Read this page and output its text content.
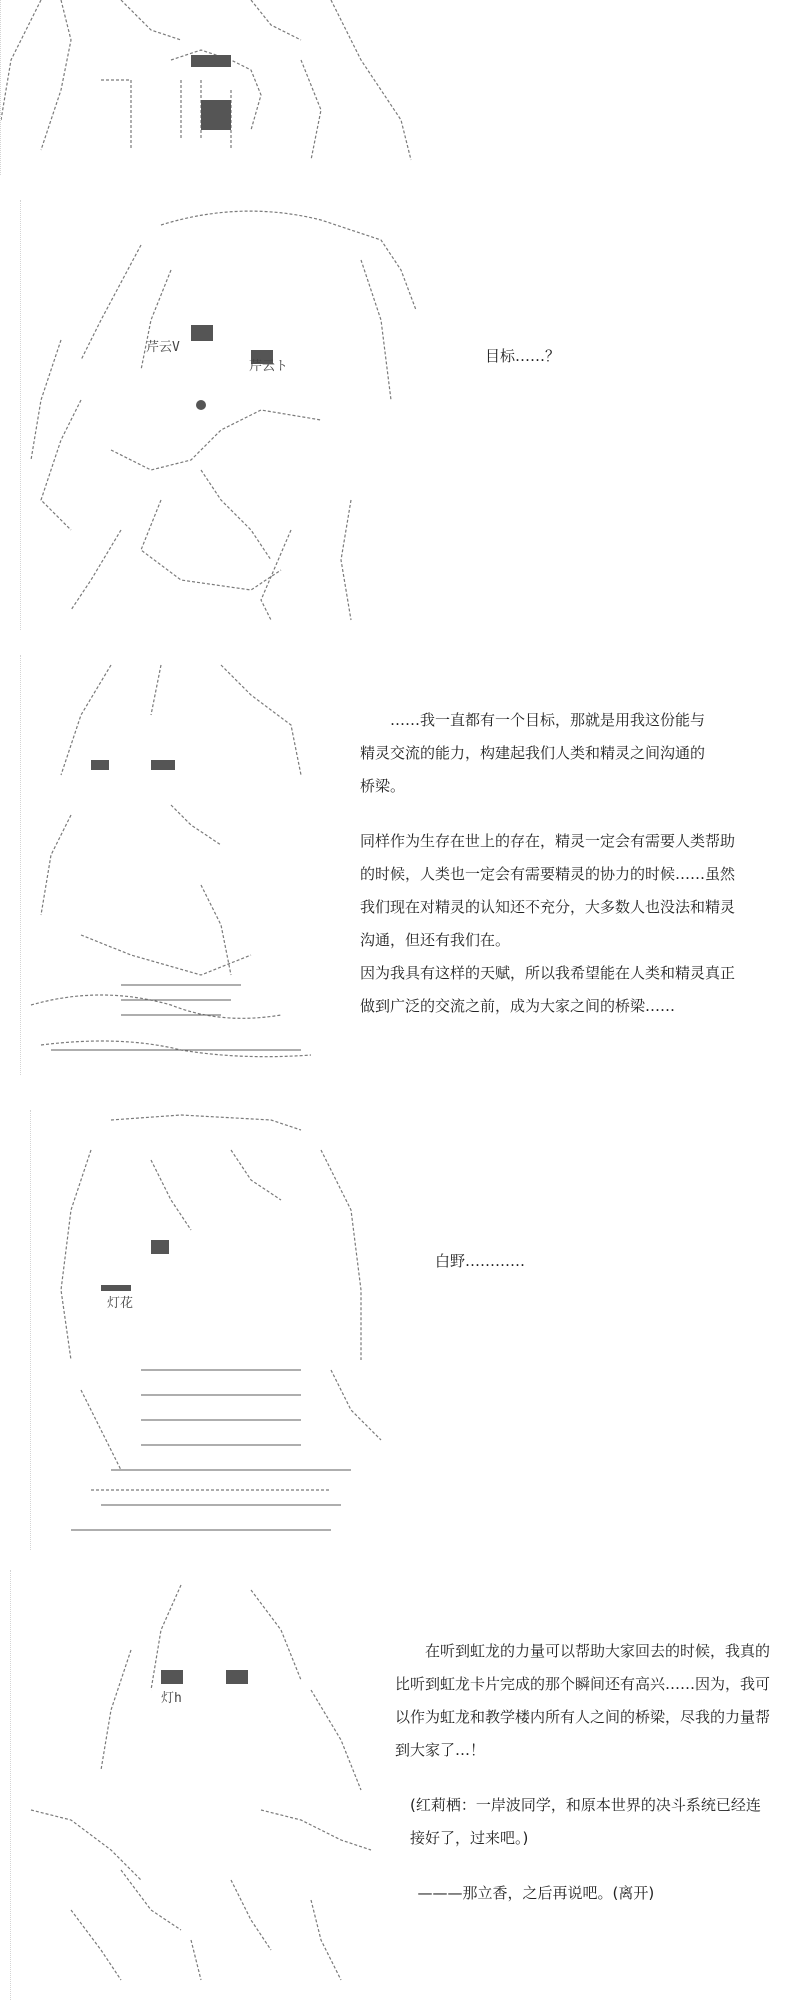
芹云V
芹云ト

目标……？

……我一直都有一个目标，那就是用我这份能与

精灵交流的能力，构建起我们人类和精灵之间沟通的

桥梁。

同样作为生存在世上的存在，精灵一定会有需要人类帮助

的时候，人类也一定会有需要精灵的协力的时候……虽然

我们现在对精灵的认知还不充分，大多数人也没法和精灵

沟通，但还有我们在。

因为我具有这样的天赋，所以我希望能在人类和精灵真正

做到广泛的交流之前，成为大家之间的桥梁……

灯花

白野…………

灯h

在听到虹龙的力量可以帮助大家回去的时候，我真的

比听到虹龙卡片完成的那个瞬间还有高兴……因为，我可

以作为虹龙和教学楼内所有人之间的桥梁，尽我的力量帮

到大家了…！

(红莉栖：一岸波同学，和原本世界的决斗系统已经连

接好了，过来吧。)

———那立香，之后再说吧。(离开)
